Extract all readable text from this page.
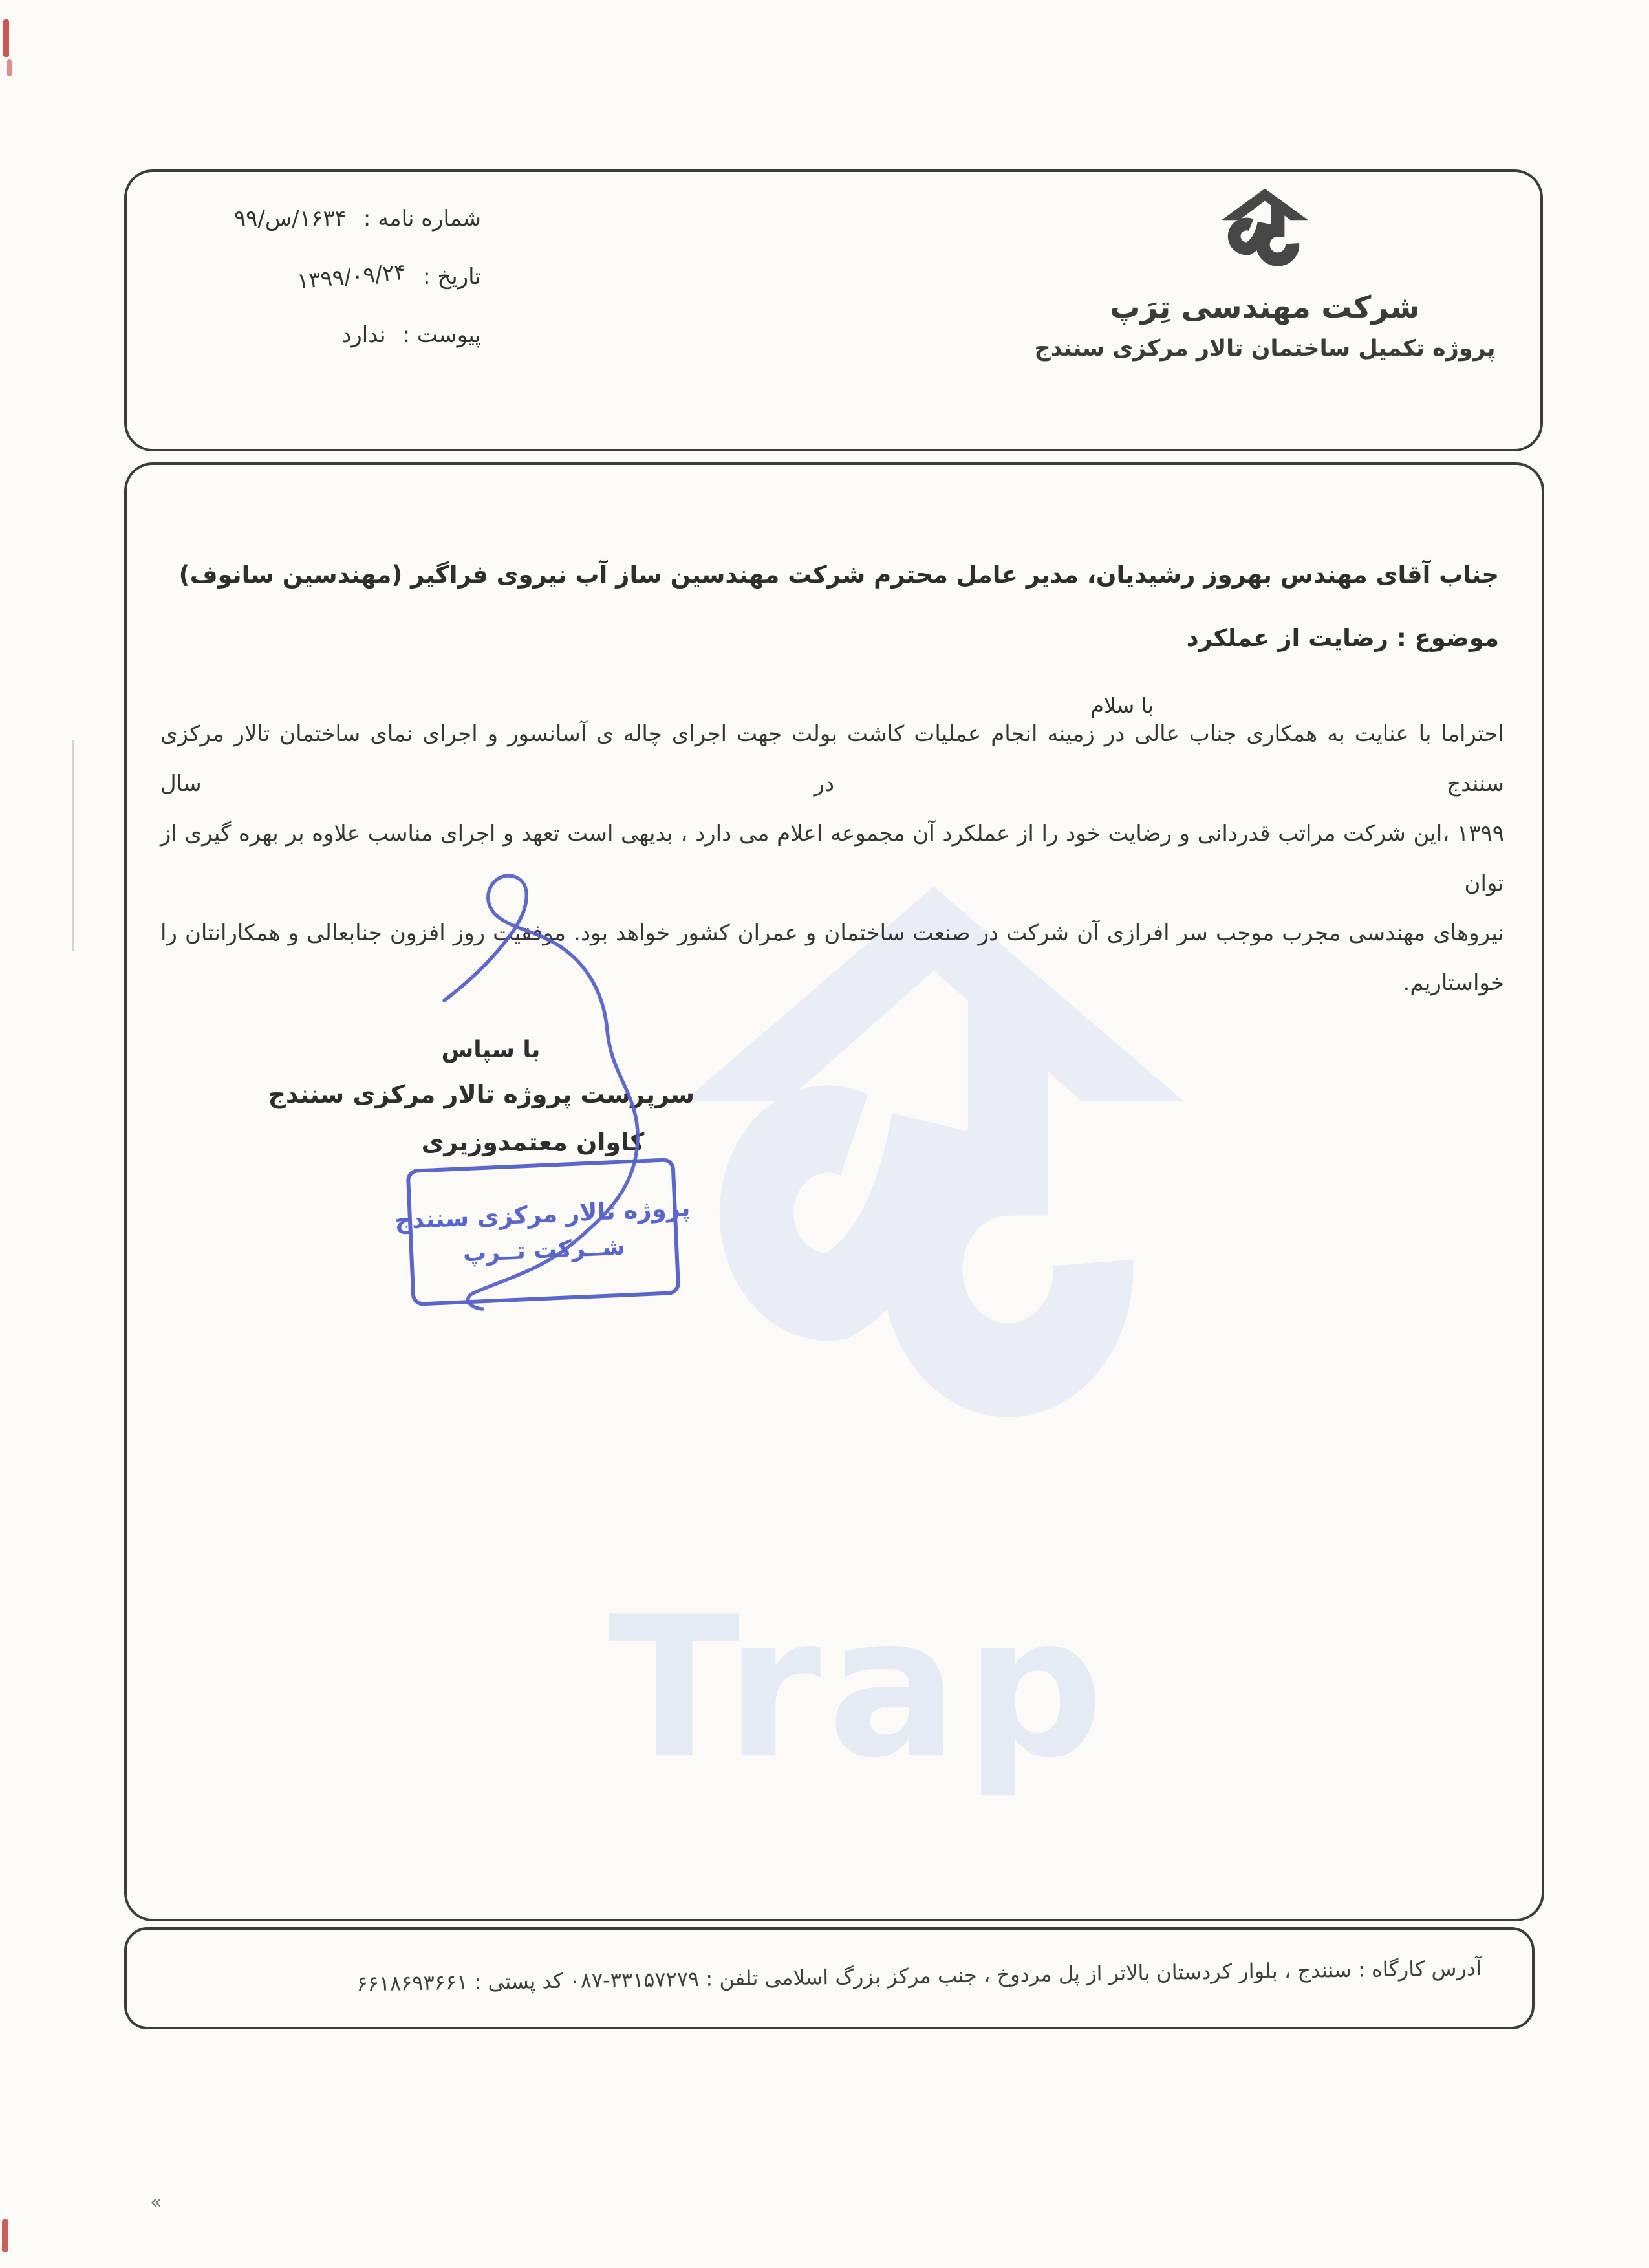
«
شماره نامه :
۱۶۳۴/س/۹۹
تاریخ :
۱۳۹۹/۰۹/۲۴
پیوست :
ندارد
شرکت مهندسی تِرَپ
پروژه تکمیل ساختمان تالار مرکزی سنندج
Trap
جناب آقای مهندس بهروز رشیدیان، مدیر عامل محترم شرکت مهندسین ساز آب نیروی فراگیر (مهندسین سانوف)
موضوع : رضایت از عملکرد
با سلام
احتراما با عنایت به همکاری جناب عالی در زمینه انجام عملیات کاشت بولت جهت اجرای چاله ی آسانسور و اجرای نمای ساختمان تالار مرکزی سنندج در سال
۱۳۹۹ ،این شرکت مراتب قدردانی و رضایت خود را از عملکرد آن مجموعه اعلام می دارد ، بدیهی است تعهد و اجرای مناسب علاوه بر بهره گیری از توان
نیروهای مهندسی مجرب موجب سر افرازی آن شرکت در صنعت ساختمان و عمران کشور خواهد بود. موفقیت روز افزون جنابعالی و همکارانتان را خواستاریم.
با سپاس
سرپرست پروژه تالار مرکزی سنندج
کاوان معتمدوزیری
پروژه تالار مرکزی سنندج
شــرکت تــرپ
آدرس کارگاه : سنندج ، بلوار کردستان بالاتر از پل مردوخ ، جنب مرکز بزرگ اسلامی تلفن : ۳۳۱۵۷۲۷۹-۰۸۷ کد پستی : ۶۶۱۸۶۹۳۶۶۱
